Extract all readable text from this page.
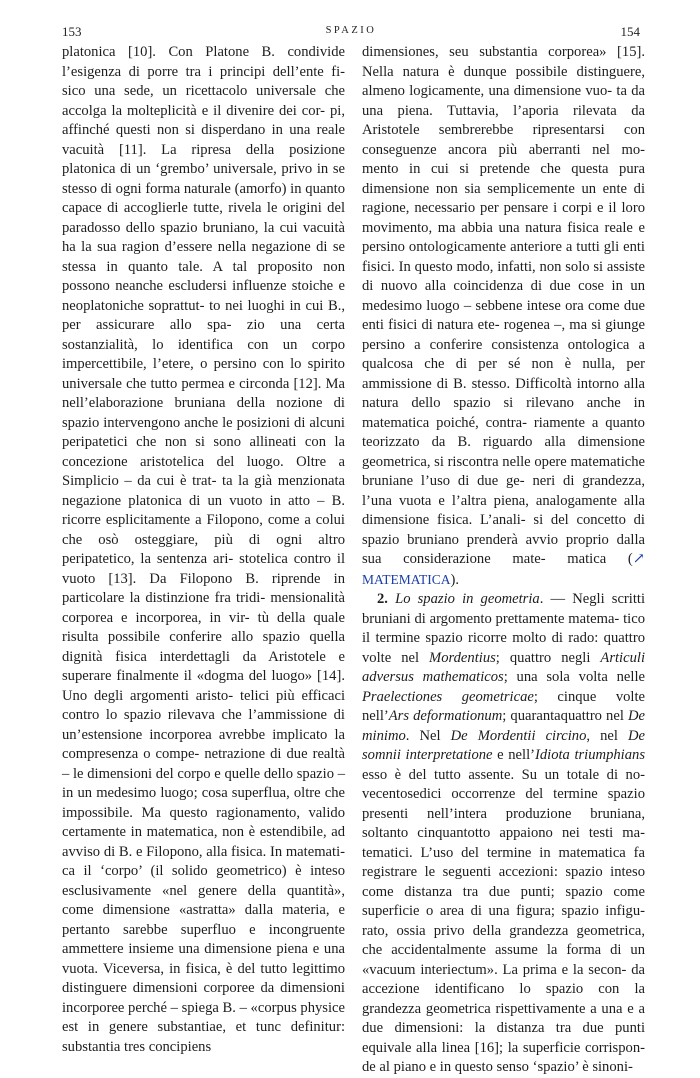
153	SPAZIO	154

platonica [10]. Con Platone B. condivide l’esigenza di porre tra i principi dell’ente fi- sico una sede, un ricettacolo universale che accolga la molteplicità e il divenire dei cor- pi, affinché questi non si disperdano in una reale vacuità [11]. La ripresa della posizione platonica di un ‘grembo’ universale, privo in se stesso di ogni forma naturale (amorfo) in quanto capace di accoglierle tutte, rivela le origini del paradosso dello spazio bruniano, la cui vacuità ha la sua ragion d’essere nella negazione di se stessa in quanto tale. A tal proposito non possono neanche escludersi influenze stoiche e neoplatoniche soprattut- to nei luoghi in cui B., per assicurare allo spa- zio una certa sostanzialità, lo identifica con un corpo impercettibile, l’etere, o persino con lo spirito universale che tutto permea e circonda [12]. Ma nell’elaborazione bruniana della nozione di spazio intervengono anche le posizioni di alcuni peripatetici che non si sono allineati con la concezione aristotelica del luogo. Oltre a Simplicio – da cui è trat- ta la già menzionata negazione platonica di un vuoto in atto – B. ricorre esplicitamente a Filopono, come a colui che osò osteggiare, più di ogni altro peripatetico, la sentenza ari- stotelica contro il vuoto [13]. Da Filopono B. riprende in particolare la distinzione fra tridi- mensionalità corporea e incorporea, in vir- tù della quale risulta possibile conferire allo spazio quella dignità fisica interdettagli da Aristotele e superare finalmente il «dogma del luogo» [14]. Uno degli argomenti aristo- telici più efficaci contro lo spazio rilevava che l’ammissione di un’estensione incorporea avrebbe implicato la compresenza o compe- netrazione di due realtà – le dimensioni del corpo e quelle dello spazio – in un medesimo luogo; cosa superflua, oltre che impossibile. Ma questo ragionamento, valido certamente in matematica, non è estendibile, ad avviso di B. e Filopono, alla fisica. In matemati- ca il ‘corpo’ (il solido geometrico) è inteso esclusivamente «nel genere della quantità», come dimensione «astratta» dalla materia, e pertanto sarebbe superfluo e incongruente ammettere insieme una dimensione piena e una vuota. Viceversa, in fisica, è del tutto legittimo distinguere dimensioni corporee da dimensioni incorporee perché – spiega B. – «corpus physice est in genere substantiae, et tunc definitur: substantia tres concipiens

dimensiones, seu substantia corporea» [15]. Nella natura è dunque possibile distinguere, almeno logicamente, una dimensione vuo- ta da una piena. Tuttavia, l’aporia rilevata da Aristotele sembrerebbe ripresentarsi con conseguenze ancora più aberranti nel mo- mento in cui si pretende che questa pura dimensione non sia semplicemente un ente di ragione, necessario per pensare i corpi e il loro movimento, ma abbia una natura fisica reale e persino ontologicamente anteriore a tutti gli enti fisici. In questo modo, infatti, non solo si assiste di nuovo alla coincidenza di due cose in un medesimo luogo – sebbene intese ora come due enti fisici di natura ete- rogenea –, ma si giunge persino a conferire consistenza ontologica a qualcosa che di per sé non è nulla, per ammissione di B. stesso. Difficoltà intorno alla natura dello spazio si rilevano anche in matematica poiché, contra- riamente a quanto teorizzato da B. riguardo alla dimensione geometrica, si riscontra nelle opere matematiche bruniane l’uso di due ge- neri di grandezza, l’una vuota e l’altra piena, analogamente alla dimensione fisica. L’anali- si del concetto di spazio bruniano prenderà avvio proprio dalla sua considerazione mate- matica (↗ MATEMATICA).

2. Lo spazio in geometria. — Negli scritti bruniani di argomento prettamente matema- tico il termine spazio ricorre molto di rado: quattro volte nel Mordentius; quattro negli Articuli adversus mathematicos; una sola volta nelle Praelectiones geometricae; cinque volte nell’Ars deformationum; quarantaquattro nel De minimo. Nel De Mordentii circino, nel De somnii interpretatione e nell’Idiota triumphians esso è del tutto assente. Su un totale di no- vecentosedici occorrenze del termine spazio presenti nell’intera produzione bruniana, soltanto cinquantotto appaiono nei testi ma- tematici. L’uso del termine in matematica fa registrare le seguenti accezioni: spazio inteso come distanza tra due punti; spazio come superficie o area di una figura; spazio infigu- rato, ossia privo della grandezza geometrica, che accidentalmente assume la forma di un «vacuum interiectum». La prima e la secon- da accezione identificano lo spazio con la grandezza geometrica rispettivamente a una e a due dimensioni: la distanza tra due punti equivale alla linea [16]; la superficie corrispon- de al piano e in questo senso ‘spazio’ è sinoni-
